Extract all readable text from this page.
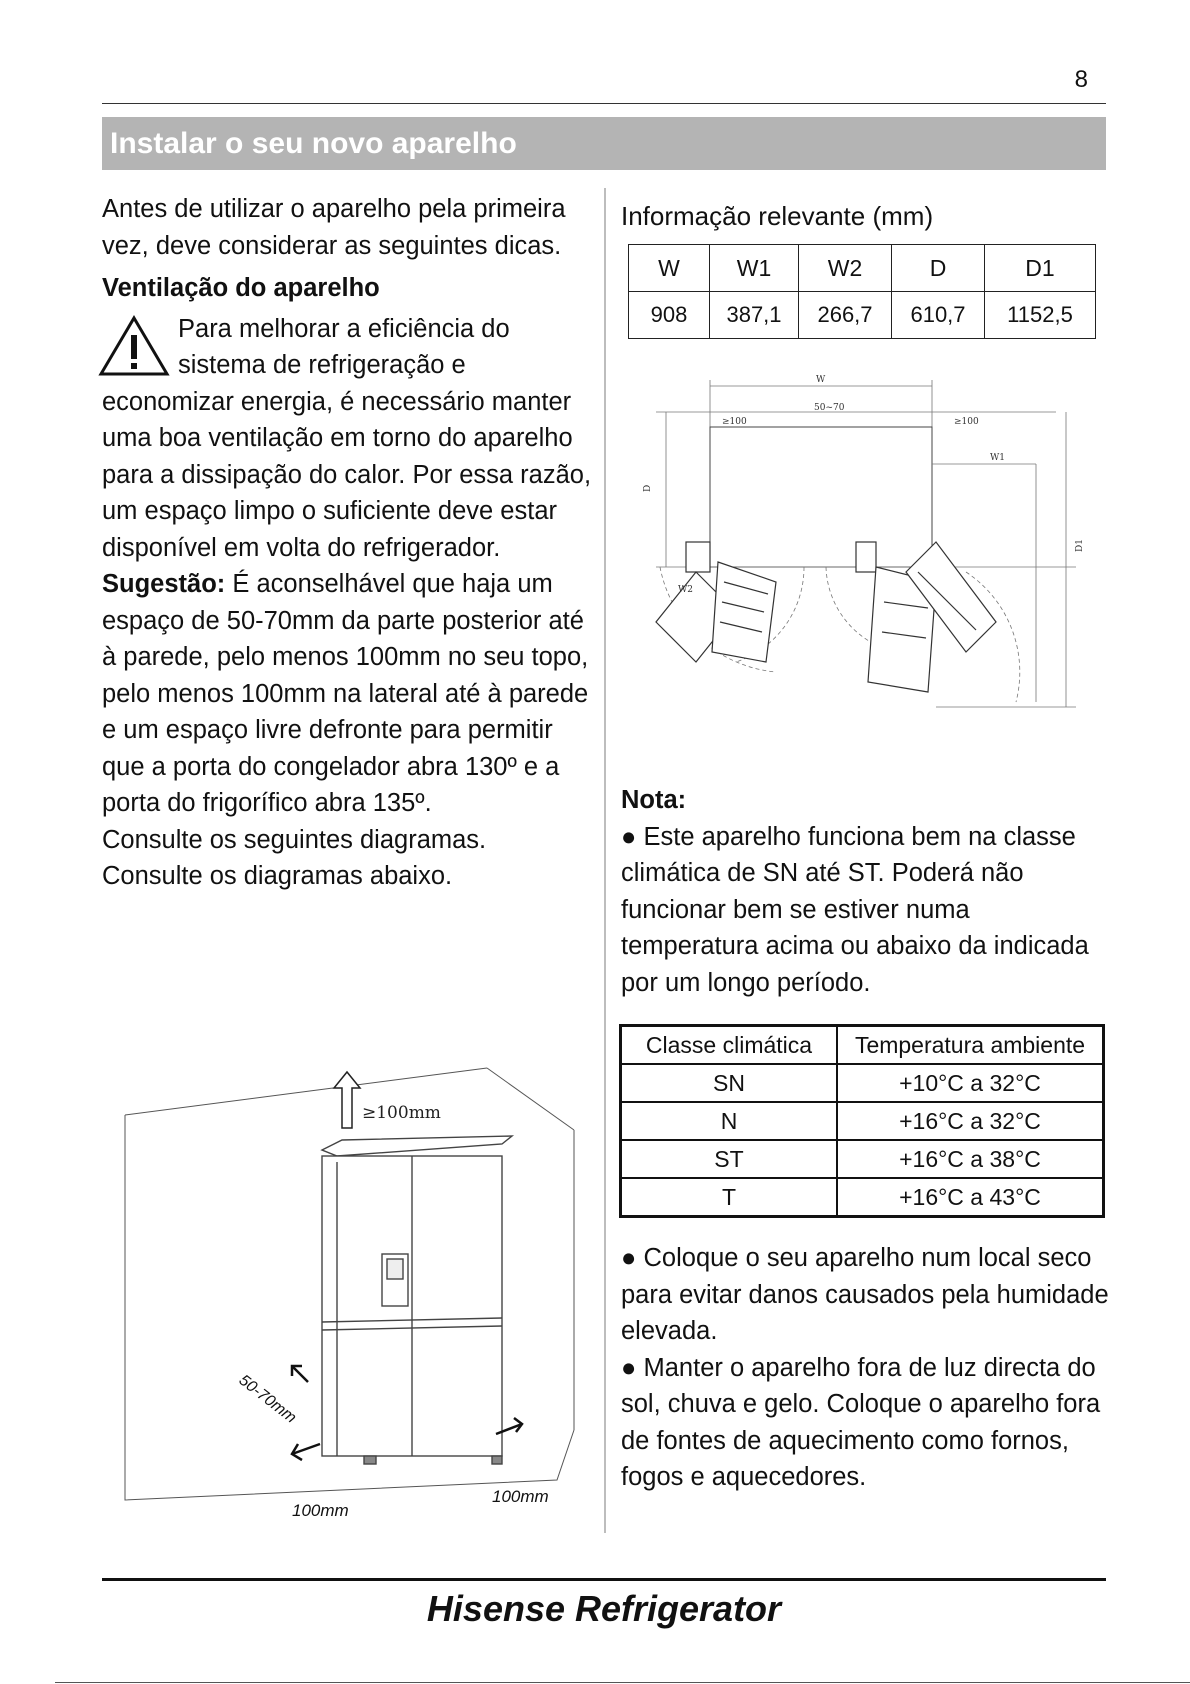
8
Instalar o seu novo aparelho

Antes de utilizar o aparelho pela primeira vez, deve considerar as seguintes dicas.

Ventilação do aparelho

Para melhorar a eficiência do sistema de refrigeração e economizar energia, é necessário manter uma boa ventilação em torno do aparelho para a dissipação do calor. Por essa razão, um espaço limpo o suficiente deve estar disponível em volta do refrigerador.

Sugestão: É aconselhável que haja um espaço de 50-70mm da parte posterior até à parede, pelo menos 100mm no seu topo, pelo menos 100mm na lateral até à parede e um espaço livre defronte para permitir que a porta do congelador abra 130º e a porta do frigorífico abra 135º.

Consulte os seguintes diagramas.

Consulte os diagramas abaixo.

≥100mm
50-70mm
100mm
100mm

Informação relevante (mm)

W	W1	W2	D	D1
908	387,1	266,7	610,7	1152,5
W
50~70
≥100	≥100
W1
W2
D
D1

Nota:

● Este aparelho funciona bem na classe climática de SN até ST. Poderá não funcionar bem se estiver numa temperatura acima ou abaixo da indicada por um longo período.

Classe climática	Temperatura ambiente
SN	+10°C a 32°C
N	+16°C a 32°C
ST	+16°C a 38°C
T	+16°C a 43°C

● Coloque o seu aparelho num local seco para evitar danos causados pela humidade elevada.

● Manter o aparelho fora de luz directa do sol, chuva e gelo. Coloque o aparelho fora de fontes de aquecimento como fornos, fogos e aquecedores.

Hisense Refrigerator
